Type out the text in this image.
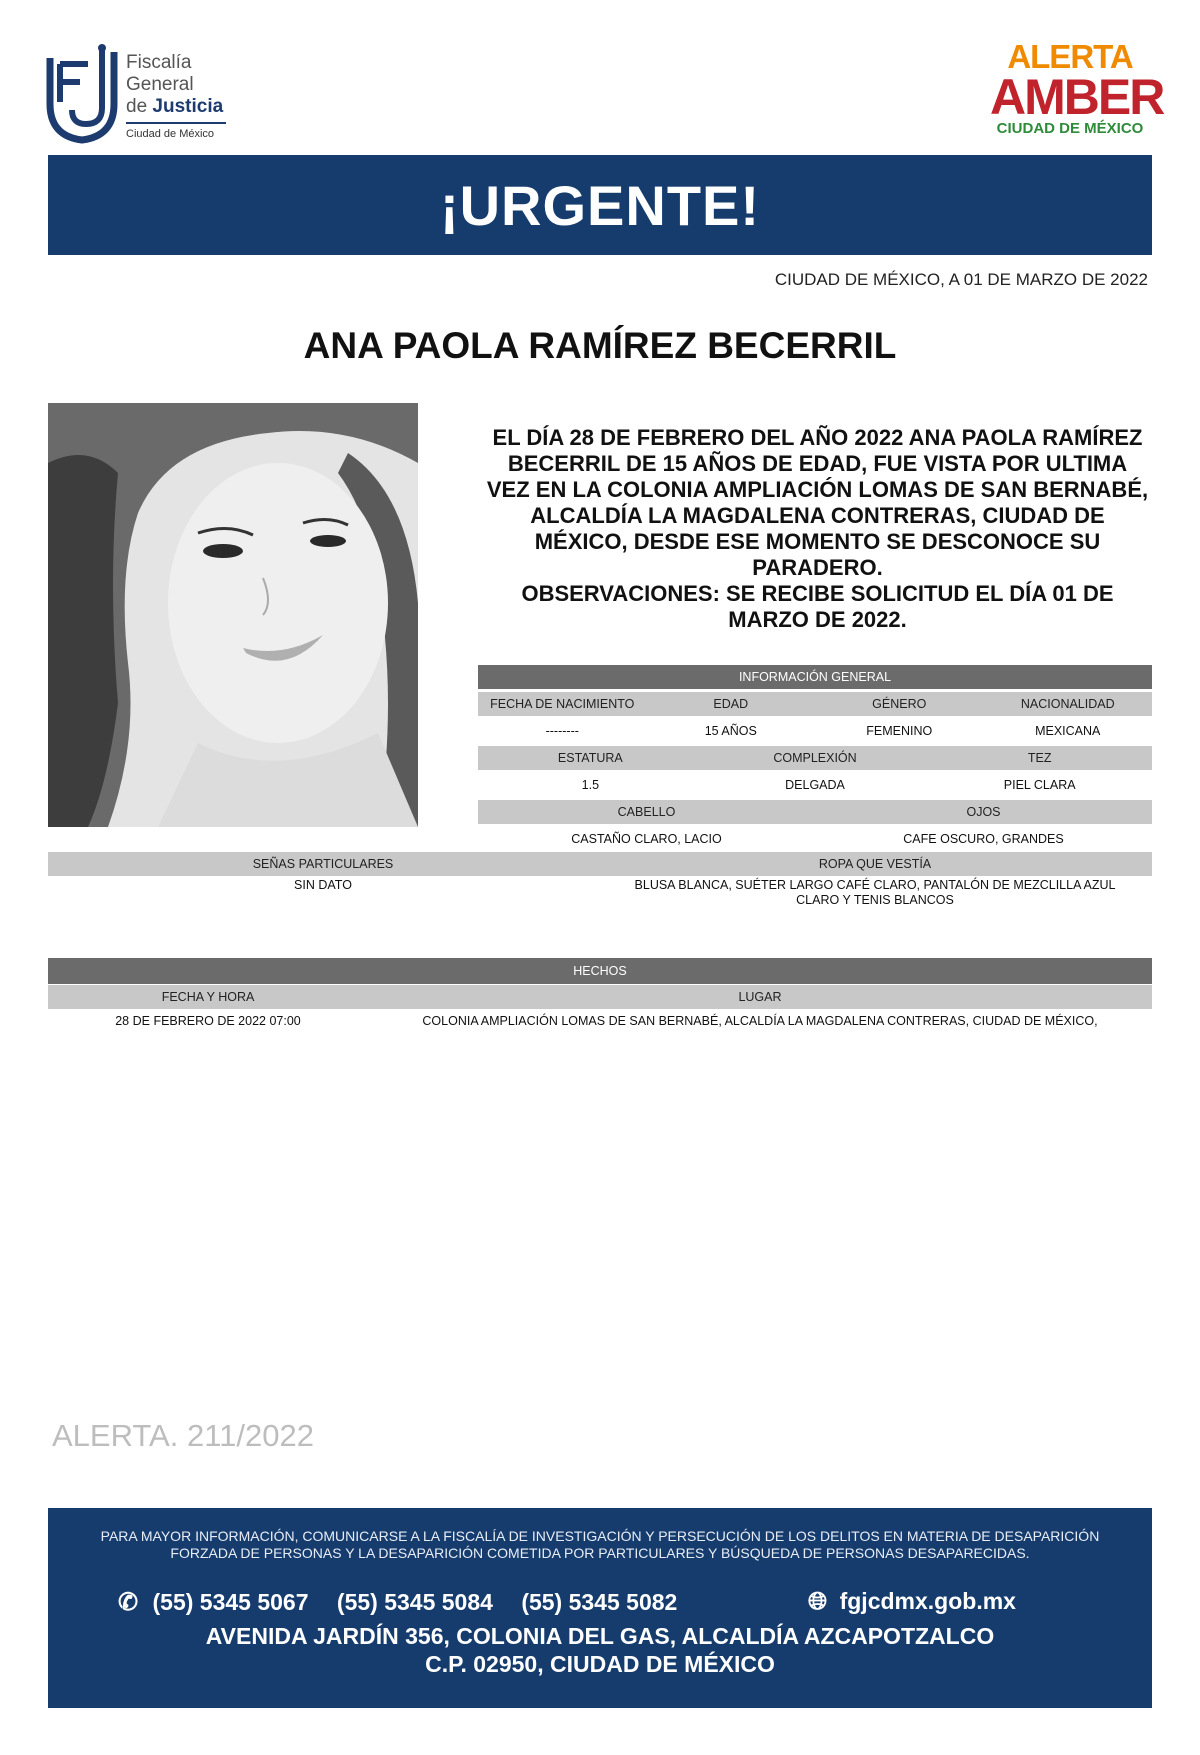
Fiscalía
General
de Justicia
Ciudad de México
ALERTA
AMBER
CIUDAD DE MÉXICO
¡URGENTE!
CIUDAD DE MÉXICO, A 01 DE MARZO DE 2022
ANA PAOLA RAMÍREZ BECERRIL
EL DÍA 28 DE FEBRERO DEL AÑO 2022 ANA PAOLA RAMÍREZ BECERRIL DE 15 AÑOS DE EDAD, FUE VISTA POR ULTIMA VEZ EN LA COLONIA AMPLIACIÓN LOMAS DE SAN BERNABÉ, ALCALDÍA LA MAGDALENA CONTRERAS, CIUDAD DE MÉXICO, DESDE ESE MOMENTO SE DESCONOCE SU PARADERO.
OBSERVACIONES: SE RECIBE SOLICITUD EL DÍA 01 DE MARZO DE 2022.
INFORMACIÓN GENERAL
FECHA DE NACIMIENTO	EDAD	GÉNERO	NACIONALIDAD
--------	15 AÑOS	FEMENINO	MEXICANA
ESTATURA	COMPLEXIÓN	TEZ
1.5	DELGADA	PIEL CLARA
CABELLO	OJOS
CASTAÑO CLARO, LACIO	CAFE OSCURO, GRANDES
SEÑAS PARTICULARES	ROPA QUE VESTÍA
SIN DATO	BLUSA BLANCA, SUÉTER LARGO CAFÉ CLARO, PANTALÓN DE MEZCLILLA AZUL CLARO Y TENIS BLANCOS
HECHOS
FECHA Y HORA	LUGAR
28 DE FEBRERO DE 2022 07:00	COLONIA AMPLIACIÓN LOMAS DE SAN BERNABÉ, ALCALDÍA LA MAGDALENA CONTRERAS, CIUDAD DE MÉXICO,
ALERTA. 211/2022
PARA MAYOR INFORMACIÓN, COMUNICARSE A LA FISCALÍA DE INVESTIGACIÓN Y PERSECUCIÓN DE LOS DELITOS EN MATERIA DE DESAPARICIÓN FORZADA DE PERSONAS Y LA DESAPARICIÓN COMETIDA POR PARTICULARES Y BÚSQUEDA DE PERSONAS DESAPARECIDAS.
✆ (55) 5345 5067 (55) 5345 5084 (55) 5345 5082	🌐︎ fgjcdmx.gob.mx
AVENIDA JARDÍN 356, COLONIA DEL GAS, ALCALDÍA AZCAPOTZALCO
C.P. 02950, CIUDAD DE MÉXICO
